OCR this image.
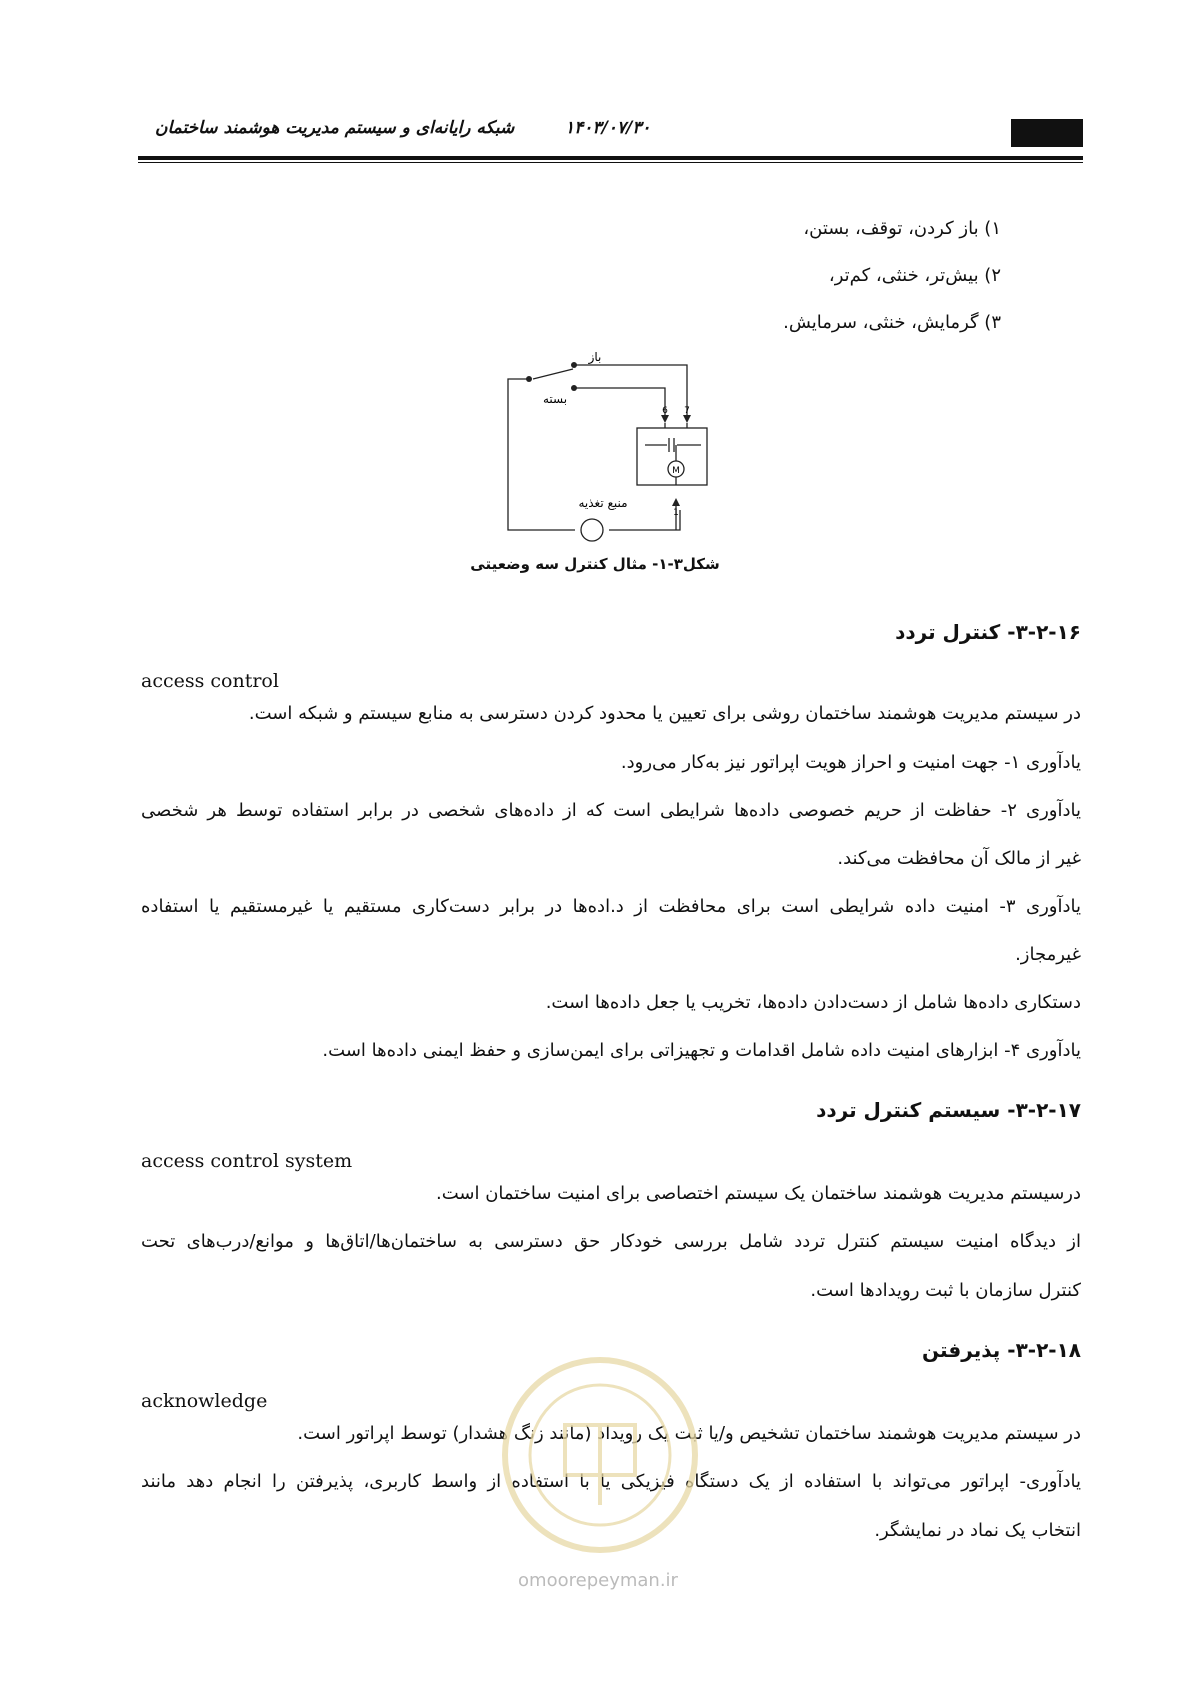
شبکه رایانه‌ای و سیستم مدیریت هوشمند ساختمان	۱۴۰۳/۰۷/۳۰
۱) باز کردن، توقف، بستن،
۲) بیش‌تر، خنثی، کم‌تر،
۳) گرمایش، خنثی، سرمایش.
باز
بسته
6 7
M
1
منبع تغذیه
شکل۳-۱- مثال کنترل سه وضعیتی
۳-۲-۱۶- کنترل تردد
access control
در سیستم مدیریت هوشمند ساختمان روشی برای تعیین یا محدود کردن دسترسی به منابع سیستم و شبکه است.
یادآوری ۱- جهت امنیت و احراز هویت اپراتور نیز به‌کار می‌رود.
یادآوری ۲- حفاظت از حریم خصوصی داده‌ها شرایطی است که از داده‌های شخصی در برابر استفاده توسط هر شخصی
غیر از مالک آن محافظت می‌کند.
یادآوری ۳- امنیت داده شرایطی است برای محافظت از د.اده‌ها در برابر دست‌کاری مستقیم یا غیرمستقیم یا استفاده
غیرمجاز.
دستکاری داده‌ها شامل از دست‌دادن داده‌ها، تخریب یا جعل داده‌ها است.
یادآوری ۴- ابزارهای امنیت داده شامل اقدامات و تجهیزاتی برای ایمن‌سازی و حفظ ایمنی داده‌ها است.
۳-۲-۱۷- سیستم کنترل تردد
access control system
درسیستم مدیریت هوشمند ساختمان یک سیستم اختصاصی برای امنیت ساختمان است.
از دیدگاه امنیت سیستم کنترل تردد شامل بررسی خودکار حق دسترسی به ساختمان‌ها/اتاق‌ها و موانع/درب‌های تحت
کنترل سازمان با ثبت رویدادها است.
۳-۲-۱۸- پذیرفتن
acknowledge
در سیستم مدیریت هوشمند ساختمان تشخیص و/یا ثبت یک رویداد (مانند زنگ هشدار) توسط اپراتور است.
یادآوری- اپراتور می‌تواند با استفاده از یک دستگاه فیزیکی یا با استفاده از واسط کاربری، پذیرفتن را انجام دهد مانند
انتخاب یک نماد در نمایشگر.
omoorepeyman.ir
